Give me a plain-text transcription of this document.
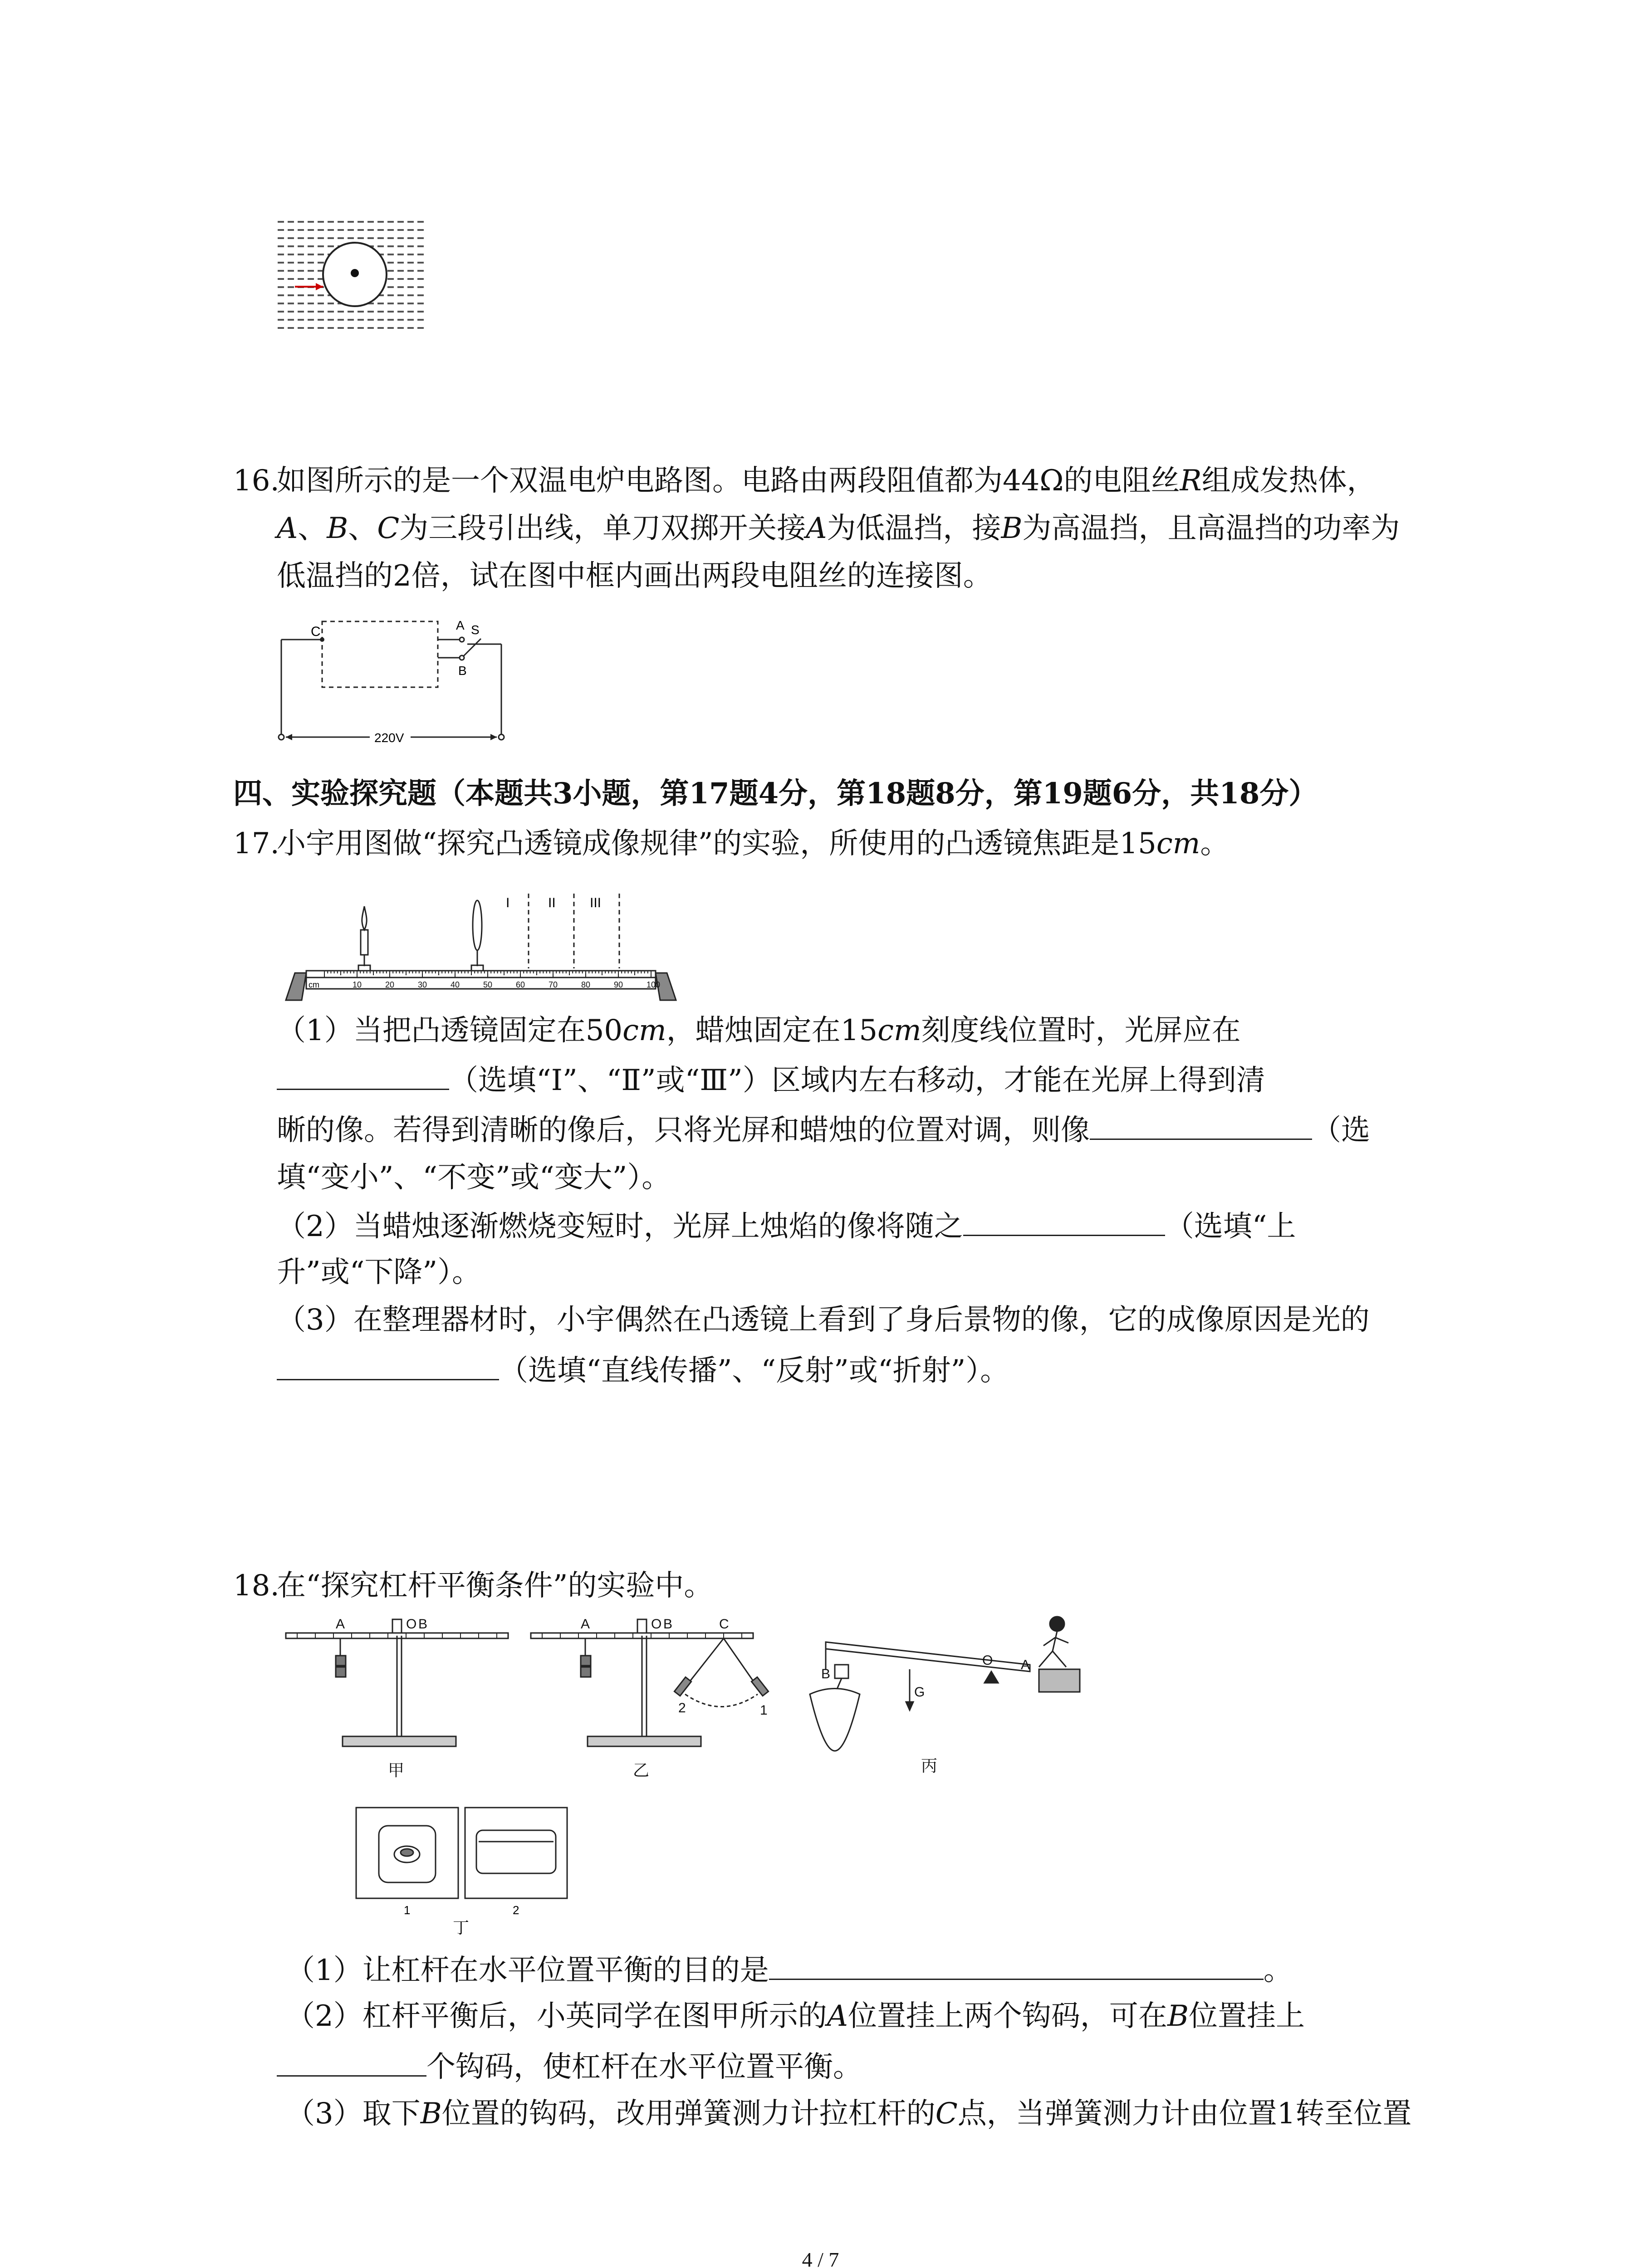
16.
如图所示的是一个双温电炉电路图。电路由两段阻值都为44Ω的电阻丝R组成发热体，
A、B、C为三段引出线，单刀双掷开关接A为低温挡，接B为高温挡，且高温挡的功率为
低温挡的2倍，试在图中框内画出两段电阻丝的连接图。
C	A S
B
220V
四、实验探究题（本题共3小题，第17题4分，第18题8分，第19题6分，共18分）
17.
小宇用图做“探究凸透镜成像规律”的实验，所使用的凸透镜焦距是15cm。
cm	10	20	30	40	50	60	70	80	90	100
I	II	III
（1）当把凸透镜固定在50cm，蜡烛固定在15cm刻度线位置时，光屏应在
（选填“Ⅰ”、“Ⅱ”或“Ⅲ”）区域内左右移动，才能在光屏上得到清
晰的像。若得到清晰的像后，只将光屏和蜡烛的位置对调，则像	（选
填“变小”、“不变”或“变大”）。
（2）当蜡烛逐渐燃烧变短时，光屏上烛焰的像将随之	（选填“上
升”或“下降”）。
（3）在整理器材时，小宇偶然在凸透镜上看到了身后景物的像，它的成像原因是光的
（选填“直线传播”、“反射”或“折射”）。
18.
在“探究杠杆平衡条件”的实验中。
A	O B	A	O B	C
2	1
B
G
O A
甲	乙	丙
1	2
丁
（1）让杠杆在水平位置平衡的目的是	。
（2）杠杆平衡后，小英同学在图甲所示的A位置挂上两个钩码，可在B位置挂上
个钩码，使杠杆在水平位置平衡。
（3）取下B位置的钩码，改用弹簧测力计拉杠杆的C点，当弹簧测力计由位置1转至位置
4 / 7
